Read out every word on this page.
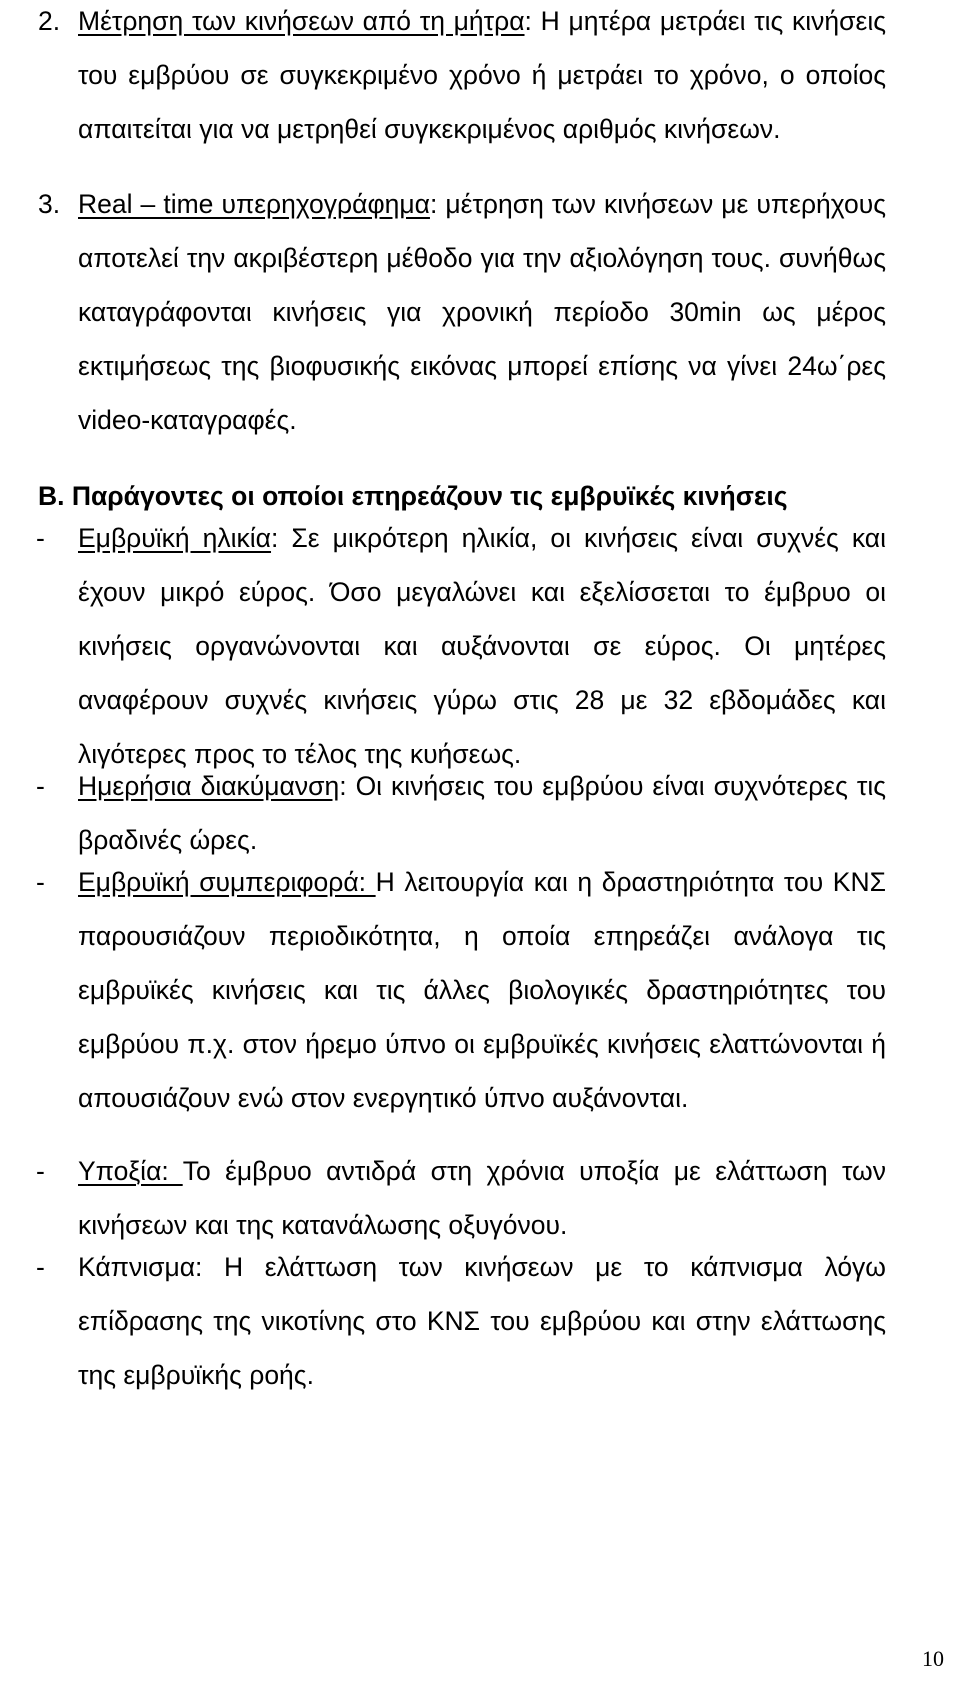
2. Μέτρηση των κινήσεων από τη μήτρα: Η μητέρα μετράει τις κινήσεις του εμβρύου σε συγκεκριμένο χρόνο ή μετράει το χρόνο, ο οποίος απαιτείται για να μετρηθεί συγκεκριμένος αριθμός κινήσεων.
3. Real – time υπερηχογράφημα: μέτρηση των κινήσεων με υπερήχους αποτελεί την ακριβέστερη μέθοδο για την αξιολόγηση τους. συνήθως καταγράφονται κινήσεις για χρονική περίοδο 30min ως μέρος εκτιμήσεως της βιοφυσικής εικόνας μπορεί επίσης να γίνει 24ω΄ρες video-καταγραφές.
Β. Παράγοντες οι οποίοι επηρεάζουν τις εμβρυϊκές κινήσεις
- Εμβρυϊκή ηλικία: Σε μικρότερη ηλικία, οι κινήσεις είναι συχνές και έχουν μικρό εύρος. Όσο μεγαλώνει και εξελίσσεται το έμβρυο οι κινήσεις οργανώνονται και αυξάνονται σε εύρος. Οι μητέρες αναφέρουν συχνές κινήσεις γύρω στις 28 με 32 εβδομάδες και λιγότερες προς το τέλος της κυήσεως.
- Ημερήσια διακύμανση: Οι κινήσεις του εμβρύου είναι συχνότερες τις βραδινές ώρες.
- Εμβρυϊκή συμπεριφορά: Η λειτουργία και η δραστηριότητα του ΚΝΣ παρουσιάζουν περιοδικότητα, η οποία επηρεάζει ανάλογα τις εμβρυϊκές κινήσεις και τις άλλες βιολογικές δραστηριότητες του εμβρύου π.χ. στον ήρεμο ύπνο οι εμβρυϊκές κινήσεις ελαττώνονται ή απουσιάζουν ενώ στον ενεργητικό ύπνο αυξάνονται.
- Υποξία: Το έμβρυο αντιδρά στη χρόνια υποξία με ελάττωση των κινήσεων και της κατανάλωσης οξυγόνου.
- Κάπνισμα: Η ελάττωση των κινήσεων με το κάπνισμα λόγω επίδρασης της νικοτίνης στο ΚΝΣ του εμβρύου και στην ελάττωσης της εμβρυϊκής ροής.
10
